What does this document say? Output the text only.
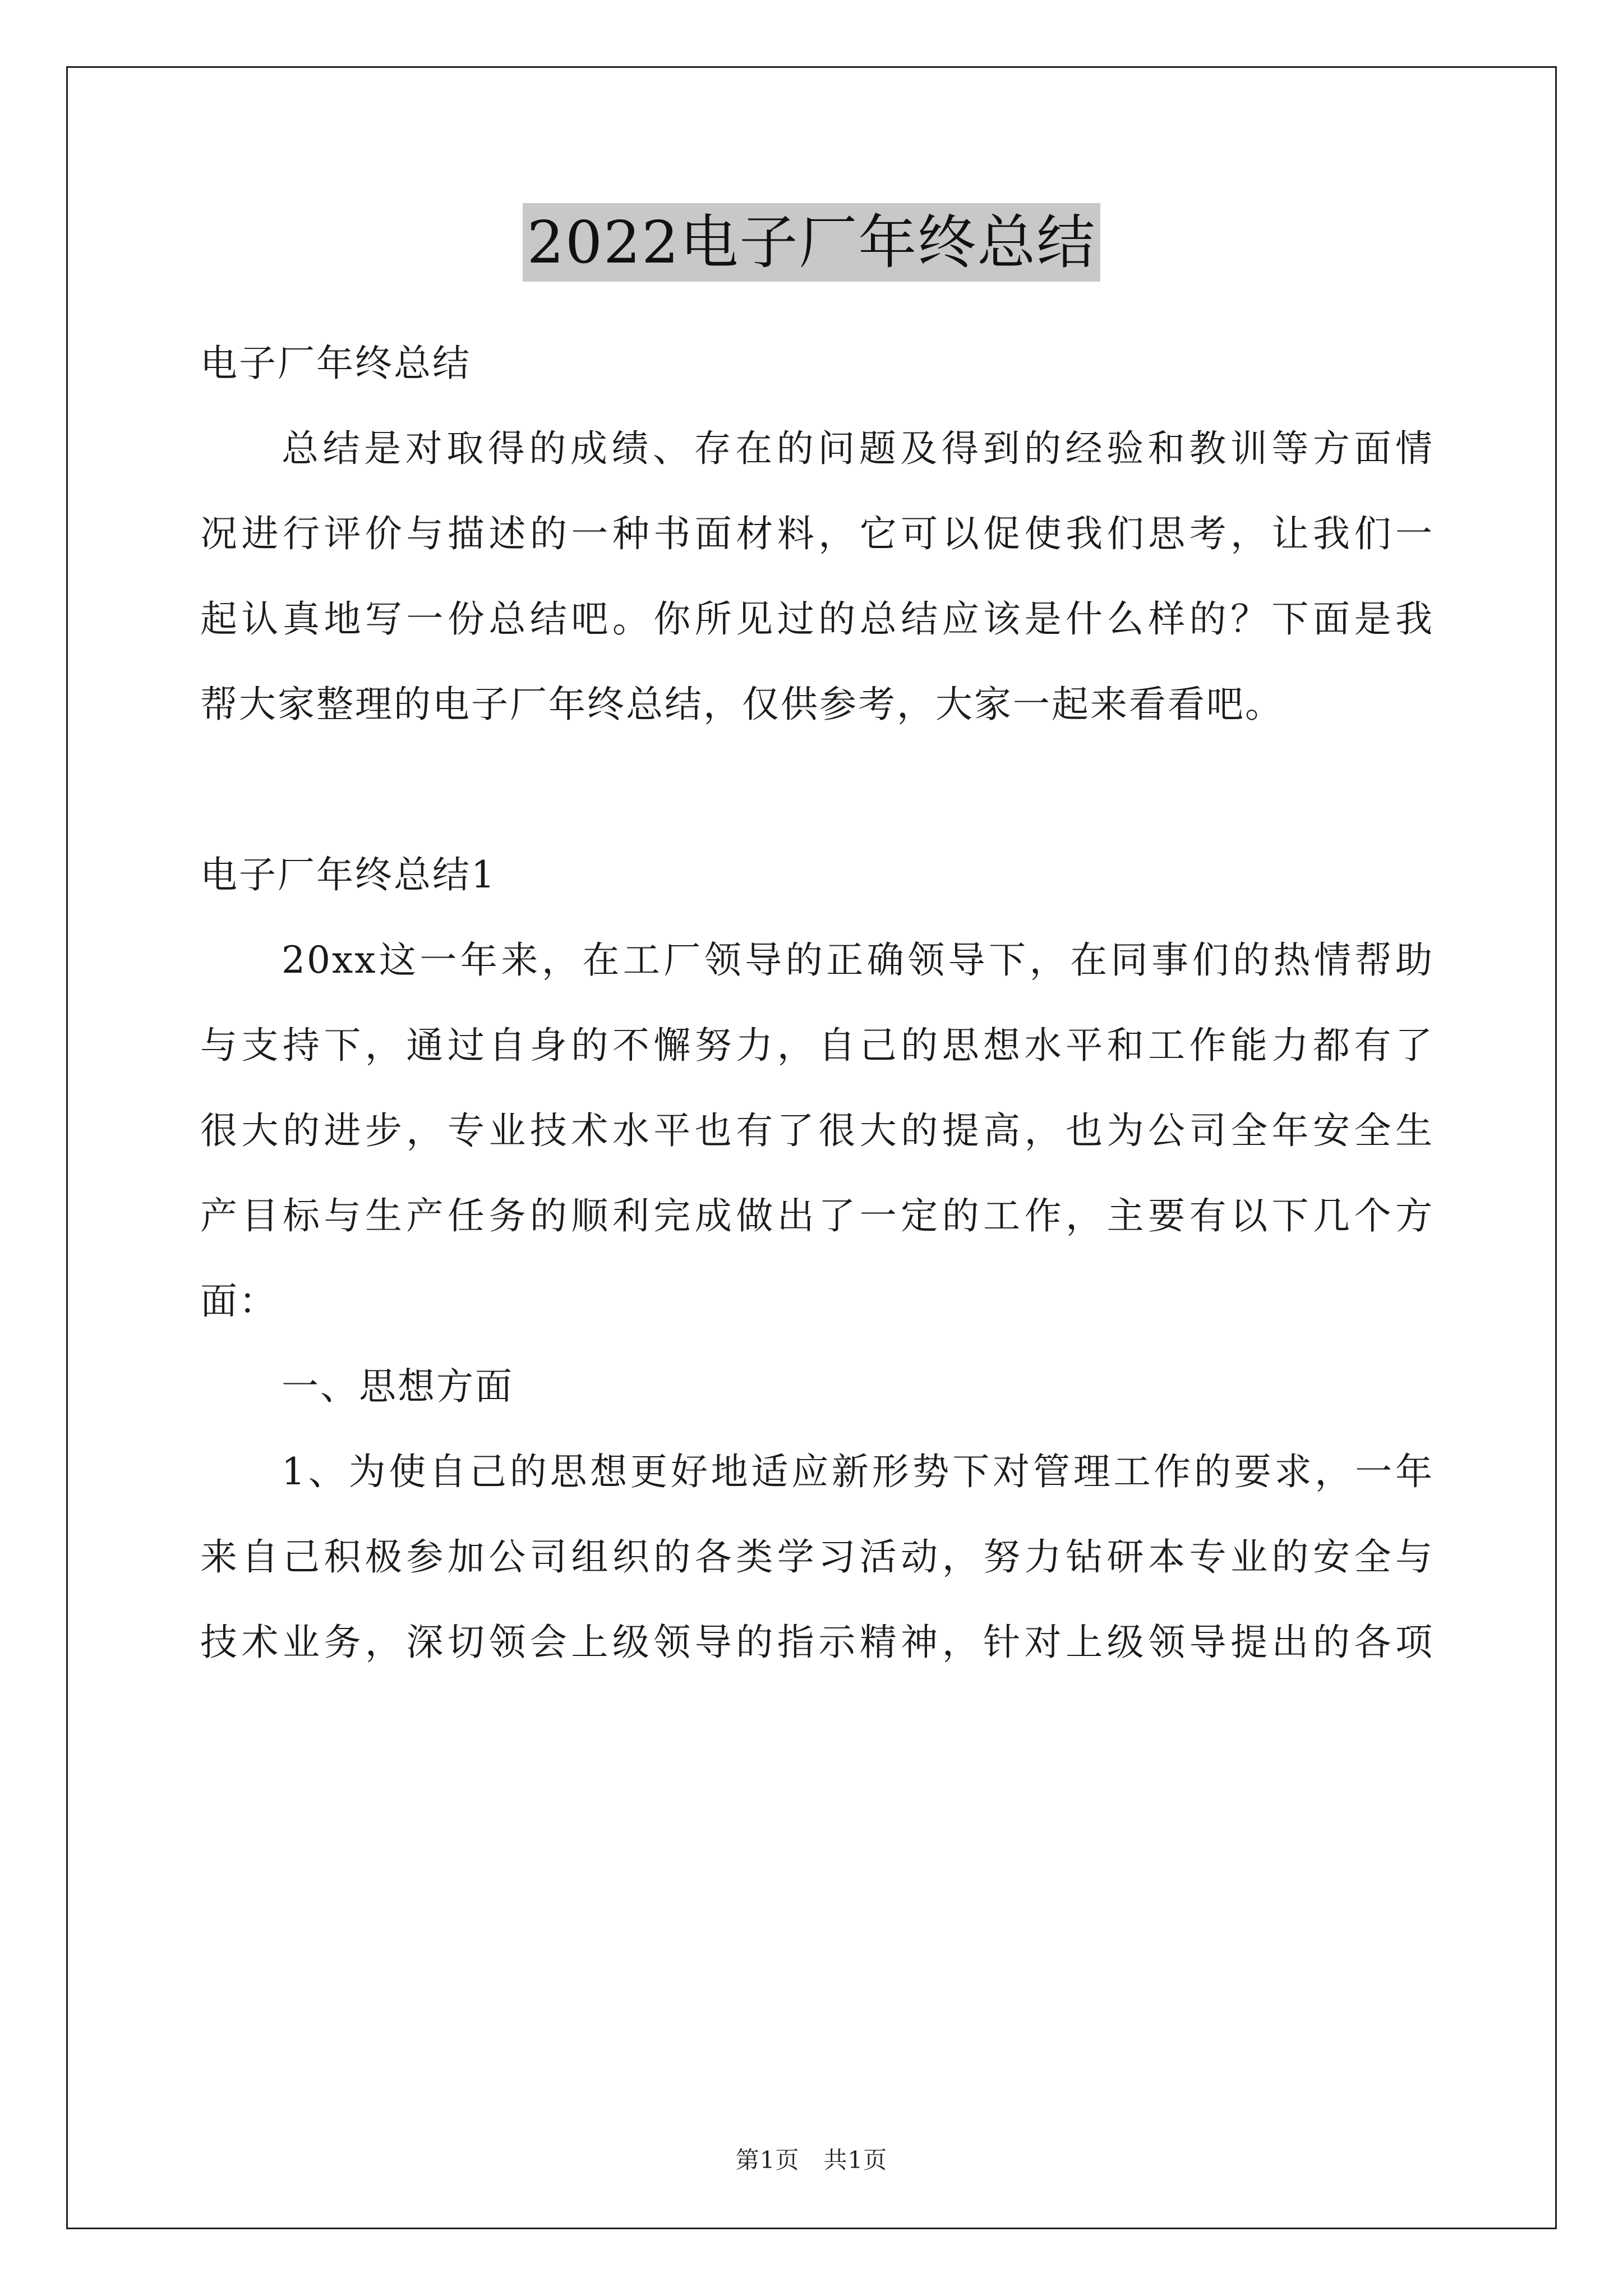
2022电子厂年终总结
电子厂年终总结
总结是对取得的成绩、存在的问题及得到的经验和教训等方面情
况进行评价与描述的一种书面材料，它可以促使我们思考，让我们一
起认真地写一份总结吧。你所见过的总结应该是什么样的？下面是我
帮大家整理的电子厂年终总结，仅供参考，大家一起来看看吧。
电子厂年终总结1
20xx这一年来，在工厂领导的正确领导下，在同事们的热情帮助
与支持下，通过自身的不懈努力，自己的思想水平和工作能力都有了
很大的进步，专业技术水平也有了很大的提高，也为公司全年安全生
产目标与生产任务的顺利完成做出了一定的工作，主要有以下几个方
面：
一、思想方面
1、为使自己的思想更好地适应新形势下对管理工作的要求，一年
来自己积极参加公司组织的各类学习活动，努力钻研本专业的安全与
技术业务，深切领会上级领导的指示精神，针对上级领导提出的各项
第1页　共1页
